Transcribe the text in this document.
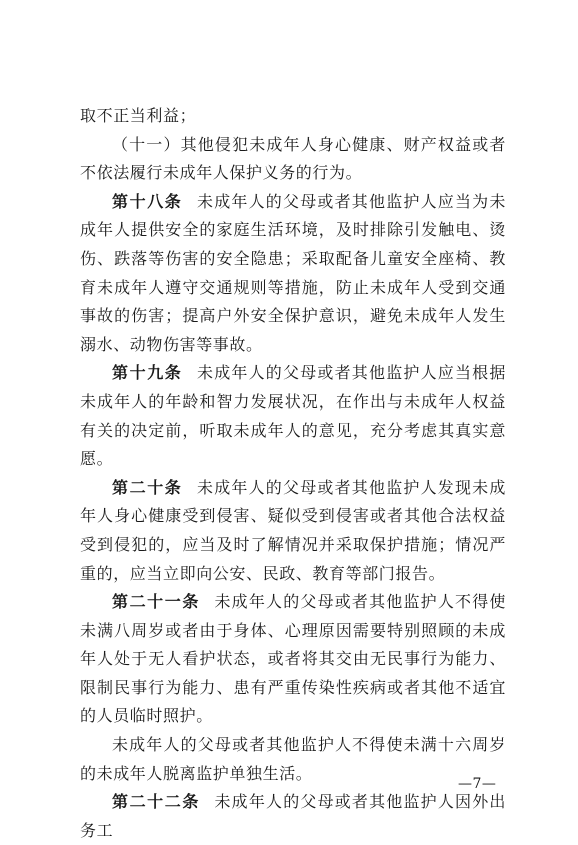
取不正当利益；

（十一）其他侵犯未成年人身心健康、财产权益或者不依法履行未成年人保护义务的行为。

第十八条 未成年人的父母或者其他监护人应当为未成年人提供安全的家庭生活环境，及时排除引发触电、烫伤、跌落等伤害的安全隐患；采取配备儿童安全座椅、教育未成年人遵守交通规则等措施，防止未成年人受到交通事故的伤害；提高户外安全保护意识，避免未成年人发生溺水、动物伤害等事故。

第十九条 未成年人的父母或者其他监护人应当根据未成年人的年龄和智力发展状况，在作出与未成年人权益有关的决定前，听取未成年人的意见，充分考虑其真实意愿。

第二十条 未成年人的父母或者其他监护人发现未成年人身心健康受到侵害、疑似受到侵害或者其他合法权益受到侵犯的，应当及时了解情况并采取保护措施；情况严重的，应当立即向公安、民政、教育等部门报告。

第二十一条 未成年人的父母或者其他监护人不得使未满八周岁或者由于身体、心理原因需要特别照顾的未成年人处于无人看护状态，或者将其交由无民事行为能力、限制民事行为能力、患有严重传染性疾病或者其他不适宜的人员临时照护。

未成年人的父母或者其他监护人不得使未满十六周岁的未成年人脱离监护单独生活。

第二十二条 未成年人的父母或者其他监护人因外出务工

—7—
